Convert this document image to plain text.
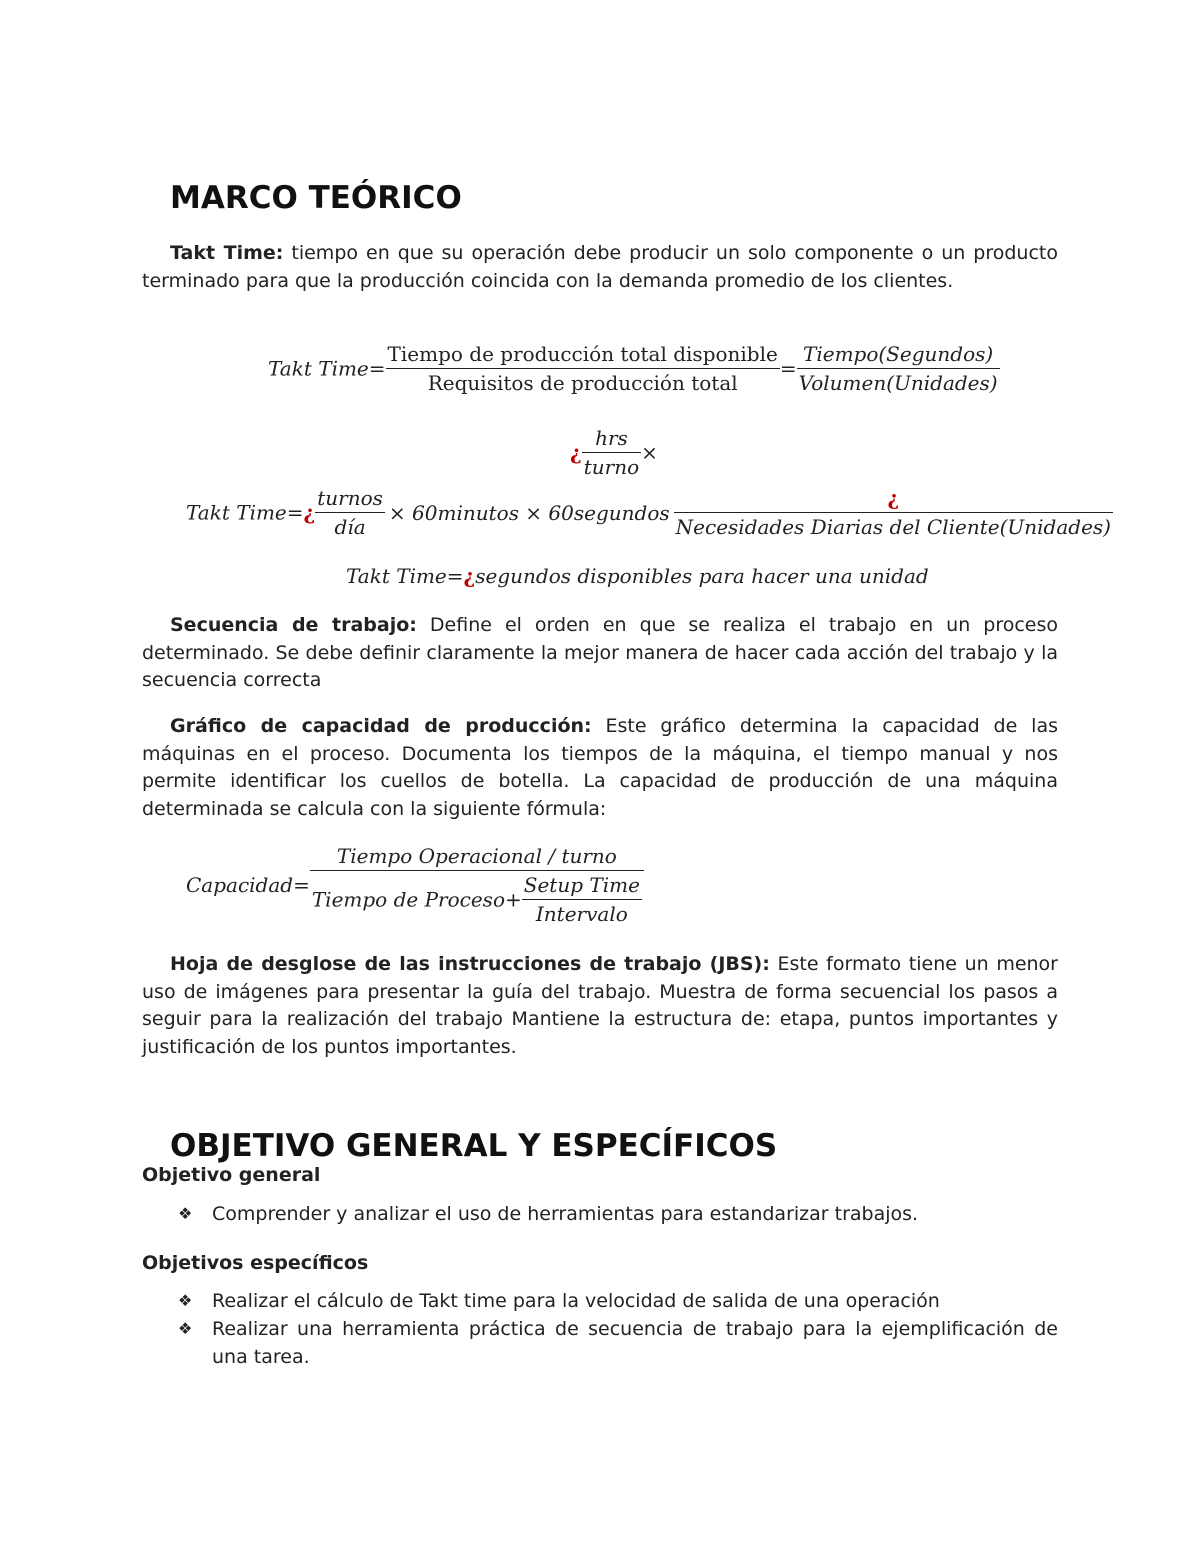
MARCO TEÓRICO

Takt Time: tiempo en que su operación debe producir un solo componente o un producto terminado para que la producción coincida con la demanda promedio de los clientes.

Takt Time= $\frac{\text{Tiempo de producción total disponible}}{\text{Requisitos de producción total}} = \frac{\text{Tiempo(Segundos)}}{\text{Volumen(Unidades)}}$
¿ $\frac{\text{hrs}}{\text{turno}}$ ×
Takt Time=¿ $\frac{\text{turnos}}{\text{día}}$ × 60minutos × 60segundos $\frac{¿}{\text{Necesidades Diarias del Cliente(Unidades)}}$
Takt Time=¿segundos disponibles para hacer una unidad

Secuencia de trabajo: Define el orden en que se realiza el trabajo en un proceso determinado. Se debe definir claramente la mejor manera de hacer cada acción del trabajo y la secuencia correcta

Gráfico de capacidad de producción: Este gráfico determina la capacidad de las máquinas en el proceso. Documenta los tiempos de la máquina, el tiempo manual y nos permite identificar los cuellos de botella. La capacidad de producción de una máquina determinada se calcula con la siguiente fórmula:

Capacidad= $\frac{\text{Tiempo Operacional / turno}}{Tiempo de Proceso+ \frac{\text{Setup Time}}{\text{Intervalo}}}$

Hoja de desglose de las instrucciones de trabajo (JBS): Este formato tiene un menor uso de imágenes para presentar la guía del trabajo. Muestra de forma secuencial los pasos a seguir para la realización del trabajo Mantiene la estructura de: etapa, puntos importantes y justificación de los puntos importantes.

OBJETIVO GENERAL Y ESPECÍFICOS
Objetivo general
❖ Comprender y analizar el uso de herramientas para estandarizar trabajos.
Objetivos específicos
❖ Realizar el cálculo de Takt time para la velocidad de salida de una operación
❖ Realizar una herramienta práctica de secuencia de trabajo para la ejemplificación de una tarea.
